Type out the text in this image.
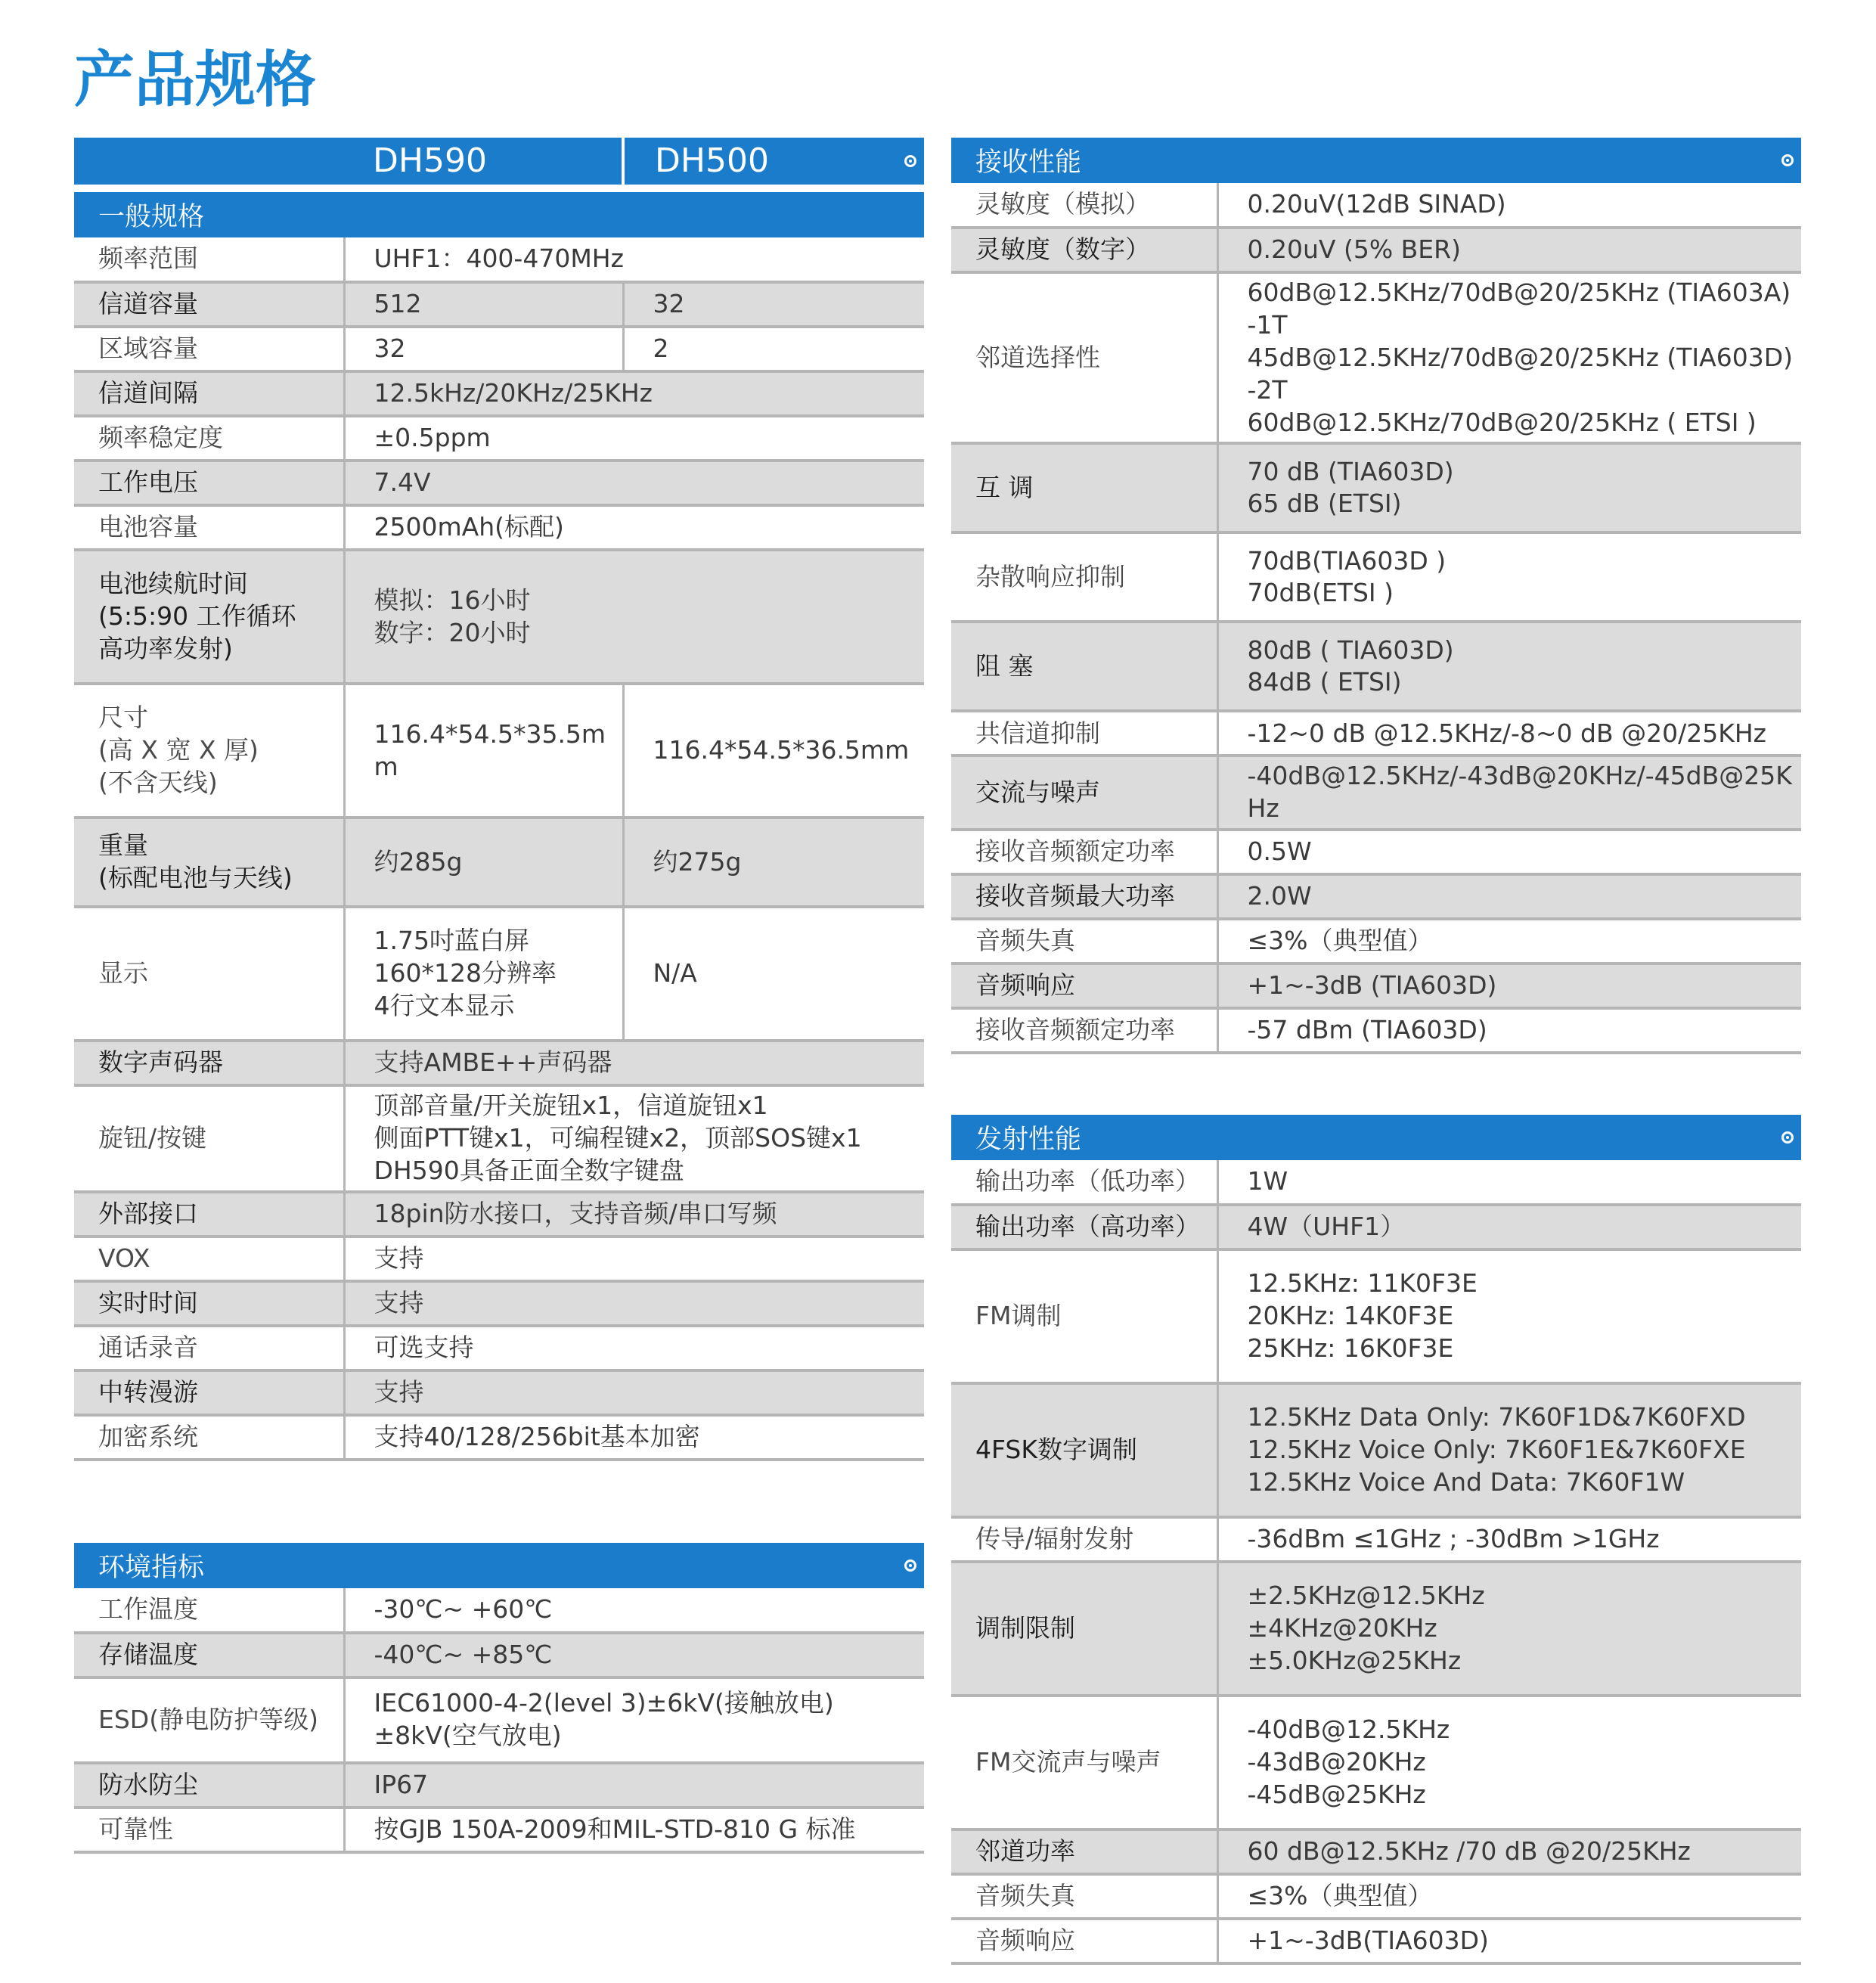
产品规格
DH590	DH500
一般规格
频率范围	UHF1：400-470MHz	
信道容量	512	32
区域容量	32	2
信道间隔	12.5kHz/20KHz/25KHz	
频率稳定度	±0.5ppm	
工作电压	7.4V	
电池容量	2500mAh(标配)	
电池续航时间
(5:5:90 工作循环
高功率发射)	模拟：16小时
数字：20小时	
尺寸
(高 X 宽 X 厚)
(不含天线)	116.4*54.5*35.5mm	116.4*54.5*36.5mm
重量
(标配电池与天线)	约285g	约275g
显示	1.75吋蓝白屏
160*128分辨率
4行文本显示	N/A
数字声码器	支持AMBE++声码器	
旋钮/按键	顶部音量/开关旋钮x1，信道旋钮x1
侧面PTT键x1，可编程键x2，顶部SOS键x1
DH590具备正面全数字键盘	
外部接口	18pin防水接口，支持音频/串口写频	
VOX	支持	
实时时间	支持	
通话录音	可选支持	
中转漫游	支持	
加密系统	支持40/128/256bit基本加密	
环境指标
工作温度	-30℃~ +60℃
存储温度	-40℃~ +85℃
ESD(静电防护等级)	IEC61000-4-2(level 3)±6kV(接触放电)
±8kV(空气放电)
防水防尘	IP67
可靠性	按GJB 150A-2009和MIL-STD-810 G 标准
接收性能
灵敏度（模拟）	0.20uV(12dB SINAD)
灵敏度（数字）	0.20uV (5% BER)
邻道选择性	60dB@12.5KHz/70dB@20/25KHz (TIA603A) -1T
45dB@12.5KHz/70dB@20/25KHz (TIA603D) -2T
60dB@12.5KHz/70dB@20/25KHz ( ETSI )
互 调	70 dB (TIA603D)
65 dB (ETSI)
杂散响应抑制	70dB(TIA603D )
70dB(ETSI )
阻 塞	80dB ( TIA603D)
84dB ( ETSI)
共信道抑制	-12~0 dB @12.5KHz/-8~0 dB @20/25KHz
交流与噪声	-40dB@12.5KHz/-43dB@20KHz/-45dB@25KHz
接收音频额定功率	0.5W
接收音频最大功率	2.0W
音频失真	≤3%（典型值）
音频响应	+1~-3dB (TIA603D)
接收音频额定功率	-57 dBm (TIA603D)
发射性能
输出功率（低功率）	1W
输出功率（高功率）	4W（UHF1）
FM调制	12.5KHz: 11K0F3E
20KHz: 14K0F3E
25KHz: 16K0F3E
4FSK数字调制	12.5KHz Data Only: 7K60F1D&7K60FXD
12.5KHz Voice Only: 7K60F1E&7K60FXE
12.5KHz Voice And Data: 7K60F1W
传导/辐射发射	-36dBm ≤1GHz ; -30dBm >1GHz
调制限制	±2.5KHz@12.5KHz
±4KHz@20KHz
±5.0KHz@25KHz
FM交流声与噪声	-40dB@12.5KHz
-43dB@20KHz
-45dB@25KHz
邻道功率	60 dB@12.5KHz /70 dB @20/25KHz
音频失真	≤3%（典型值）
音频响应	+1~-3dB(TIA603D)
